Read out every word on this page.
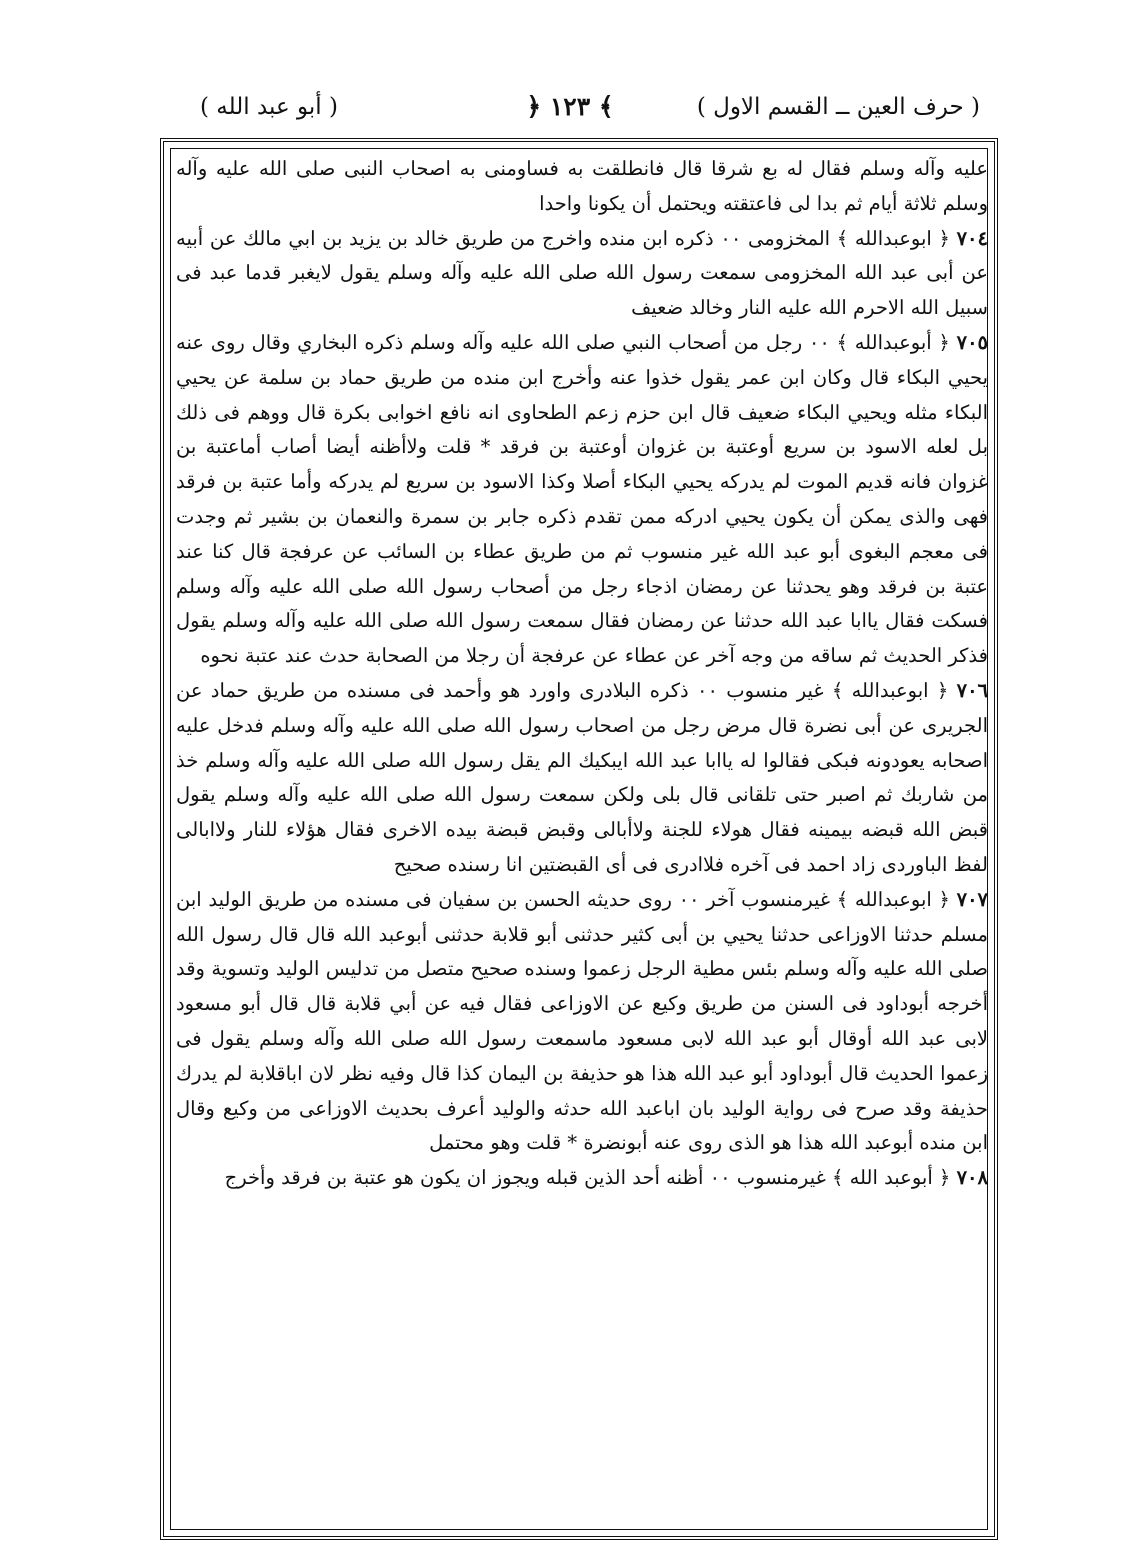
( حرف العين ــ القسم الاول )
﴿ ١٢٣ ﴾
( أبو عبد الله )

عليه وآله وسلم فقال له بع شرقا قال فانطلقت به فساومنى به اصحاب النبى صلى الله عليه وآله وسلم ثلاثة أيام ثم بدا لى فاعتقته ويحتمل أن يكونا واحدا

٧٠٤ ﴿ ابوعبدالله ﴾ المخزومى ٠٠ ذكره ابن منده واخرج من طريق خالد بن يزيد بن ابي مالك عن أبيه عن أبى عبد الله المخزومى سمعت رسول الله صلى الله عليه وآله وسلم يقول لايغبر قدما عبد فى سبيل الله الاحرم الله عليه النار وخالد ضعيف

٧٠٥ ﴿ أبوعبدالله ﴾ ٠٠ رجل من أصحاب النبي صلى الله عليه وآله وسلم ذكره البخاري وقال روى عنه يحيي البكاء قال وكان ابن عمر يقول خذوا عنه وأخرج ابن منده من طريق حماد بن سلمة عن يحيي البكاء مثله ويحيي البكاء ضعيف قال ابن حزم زعم الطحاوى انه نافع اخوابى بكرة قال ووهم فى ذلك بل لعله الاسود بن سريع أوعتبة بن غزوان أوعتبة بن فرقد * قلت ولاأظنه أيضا أصاب أماعتبة بن غزوان فانه قديم الموت لم يدركه يحيي البكاء أصلا وكذا الاسود بن سريع لم يدركه وأما عتبة بن فرقد فهى والذى يمكن أن يكون يحيي ادركه ممن تقدم ذكره جابر بن سمرة والنعمان بن بشير ثم وجدت فى معجم البغوى أبو عبد الله غير منسوب ثم من طريق عطاء بن السائب عن عرفجة قال كنا عند عتبة بن فرقد وهو يحدثنا عن رمضان اذجاء رجل من أصحاب رسول الله صلى الله عليه وآله وسلم فسكت فقال ياابا عبد الله حدثنا عن رمضان فقال سمعت رسول الله صلى الله عليه وآله وسلم يقول فذكر الحديث ثم ساقه من وجه آخر عن عطاء عن عرفجة أن رجلا من الصحابة حدث عند عتبة نحوه

٧٠٦ ﴿ ابوعبدالله ﴾ غير منسوب ٠٠ ذكره البلادرى واورد هو وأحمد فى مسنده من طريق حماد عن الجريرى عن أبى نضرة قال مرض رجل من اصحاب رسول الله صلى الله عليه وآله وسلم فدخل عليه اصحابه يعودونه فبكى فقالوا له ياابا عبد الله ايبكيك الم يقل رسول الله صلى الله عليه وآله وسلم خذ من شاربك ثم اصبر حتى تلقانى قال بلى ولكن سمعت رسول الله صلى الله عليه وآله وسلم يقول قبض الله قبضه بيمينه فقال هولاء للجنة ولاأبالى وقبض قبضة بيده الاخرى فقال هؤلاء للنار ولاابالى لفظ الباوردى زاد احمد فى آخره فلاادرى فى أى القبضتين انا رسنده صحيح

٧٠٧ ﴿ ابوعبدالله ﴾ غيرمنسوب آخر ٠٠ روى حديثه الحسن بن سفيان فى مسنده من طريق الوليد ابن مسلم حدثنا الاوزاعى حدثنا يحيي بن أبى كثير حدثنى أبو قلابة حدثنى أبوعبد الله قال قال رسول الله صلى الله عليه وآله وسلم بئس مطية الرجل زعموا وسنده صحيح متصل من تدليس الوليد وتسوية وقد أخرجه أبوداود فى السنن من طريق وكيع عن الاوزاعى فقال فيه عن أبي قلابة قال قال أبو مسعود لابى عبد الله أوقال أبو عبد الله لابى مسعود ماسمعت رسول الله صلى الله وآله وسلم يقول فى زعموا الحديث قال أبوداود أبو عبد الله هذا هو حذيفة بن اليمان كذا قال وفيه نظر لان اباقلابة لم يدرك حذيفة وقد صرح فى رواية الوليد بان اباعبد الله حدثه والوليد أعرف بحديث الاوزاعى من وكيع وقال ابن منده أبوعبد الله هذا هو الذى روى عنه أبونضرة * قلت وهو محتمل

٧٠٨ ﴿ أبوعبد الله ﴾ غيرمنسوب ٠٠ أظنه أحد الذين قبله ويجوز ان يكون هو عتبة بن فرقد وأخرج
